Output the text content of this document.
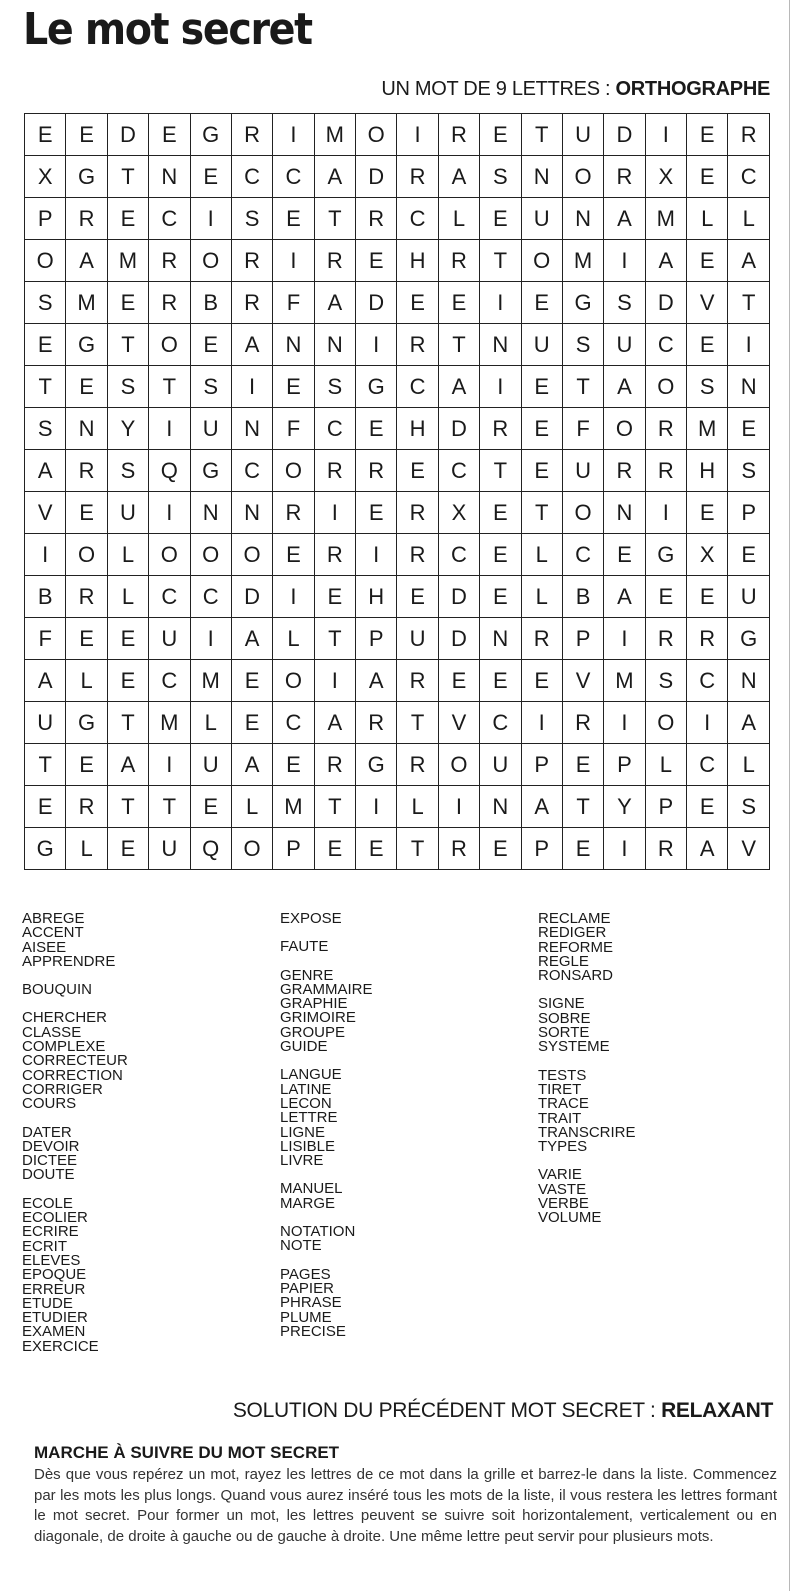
Le mot secret
UN MOT DE 9 LETTRES : ORTHOGRAPHE
E	E	D	E	G	R	I	M	O	I	R	E	T	U	D	I	E	R
X	G	T	N	E	C	C	A	D	R	A	S	N	O	R	X	E	C
P	R	E	C	I	S	E	T	R	C	L	E	U	N	A	M	L	L
O	A	M	R	O	R	I	R	E	H	R	T	O	M	I	A	E	A
S	M	E	R	B	R	F	A	D	E	E	I	E	G	S	D	V	T
E	G	T	O	E	A	N	N	I	R	T	N	U	S	U	C	E	I
T	E	S	T	S	I	E	S	G	C	A	I	E	T	A	O	S	N
S	N	Y	I	U	N	F	C	E	H	D	R	E	F	O	R	M	E
A	R	S	Q	G	C	O	R	R	E	C	T	E	U	R	R	H	S
V	E	U	I	N	N	R	I	E	R	X	E	T	O	N	I	E	P
I	O	L	O	O	O	E	R	I	R	C	E	L	C	E	G	X	E
B	R	L	C	C	D	I	E	H	E	D	E	L	B	A	E	E	U
F	E	E	U	I	A	L	T	P	U	D	N	R	P	I	R	R	G
A	L	E	C	M	E	O	I	A	R	E	E	E	V	M	S	C	N
U	G	T	M	L	E	C	A	R	T	V	C	I	R	I	O	I	A
T	E	A	I	U	A	E	R	G	R	O	U	P	E	P	L	C	L
E	R	T	T	E	L	M	T	I	L	I	N	A	T	Y	P	E	S
G	L	E	U	Q	O	P	E	E	T	R	E	P	E	I	R	A	V
ABREGE
ACCENT
AISEE
APPRENDRE
BOUQUIN
CHERCHER
CLASSE
COMPLEXE
CORRECTEUR
CORRECTION
CORRIGER
COURS
DATER
DEVOIR
DICTEE
DOUTE
ECOLE
ECOLIER
ECRIRE
ECRIT
ELEVES
EPOQUE
ERREUR
ETUDE
ETUDIER
EXAMEN
EXERCICE
EXPOSE
FAUTE
GENRE
GRAMMAIRE
GRAPHIE
GRIMOIRE
GROUPE
GUIDE
LANGUE
LATINE
LECON
LETTRE
LIGNE
LISIBLE
LIVRE
MANUEL
MARGE
NOTATION
NOTE
PAGES
PAPIER
PHRASE
PLUME
PRECISE
RECLAME
REDIGER
REFORME
REGLE
RONSARD
SIGNE
SOBRE
SORTE
SYSTEME
TESTS
TIRET
TRACE
TRAIT
TRANSCRIRE
TYPES
VARIE
VASTE
VERBE
VOLUME
SOLUTION DU PRÉCÉDENT MOT SECRET : RELAXANT
MARCHE À SUIVRE DU MOT SECRET
Dès que vous repérez un mot, rayez les lettres de ce mot dans la grille et barrez-le dans la liste. Commencez par les mots les plus longs. Quand vous aurez inséré tous les mots de la liste, il vous restera les lettres formant le mot secret. Pour former un mot, les lettres peuvent se suivre soit horizontalement, verticalement ou en diagonale, de droite à gauche ou de gauche à droite. Une même lettre peut servir pour plusieurs mots.
